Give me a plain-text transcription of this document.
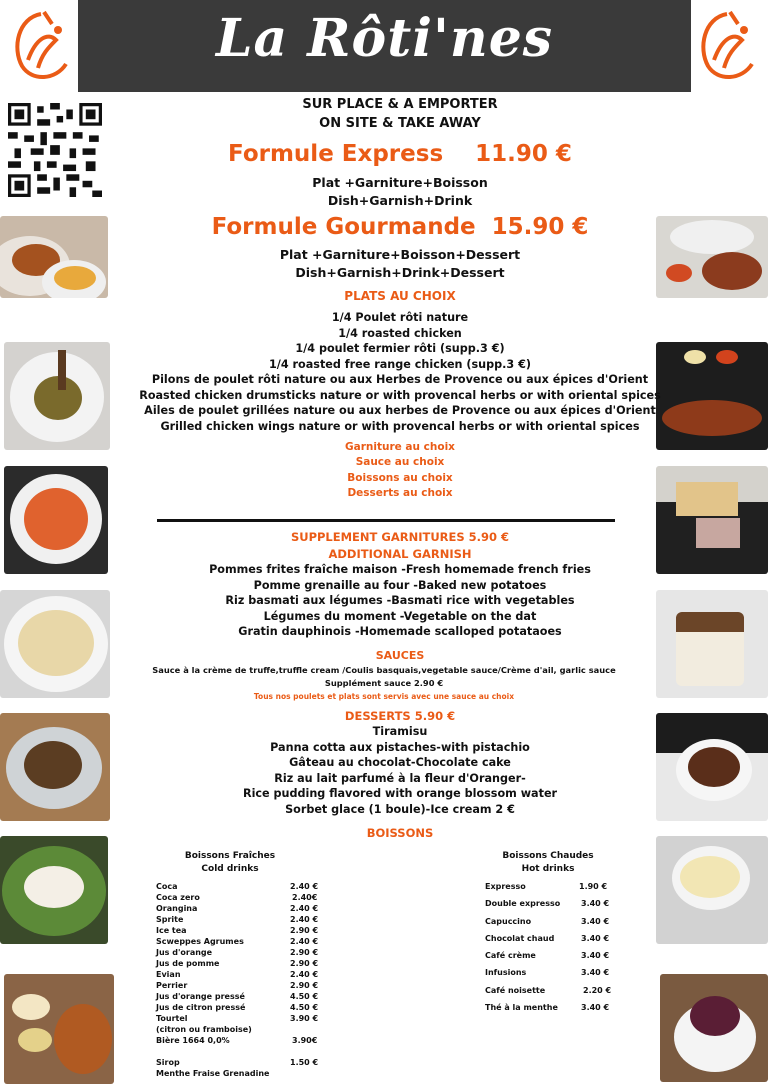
La Rôti'nes
SUR PLACE & A EMPORTER
ON SITE & TAKE AWAY
Formule Express    11.90 €
Plat +Garniture+Boisson
Dish+Garnish+Drink
Formule Gourmande  15.90 €
Plat +Garniture+Boisson+Dessert
Dish+Garnish+Drink+Dessert
PLATS AU CHOIX
1/4 Poulet rôti nature
1/4 roasted chicken
1/4 poulet fermier rôti (supp.3 €)
1/4 roasted free range chicken (supp.3 €)
Pilons de poulet rôti nature ou aux Herbes de Provence ou aux épices d'Orient
Roasted chicken drumsticks nature or with provencal herbs or with oriental spices
Ailes de poulet grillées nature ou aux herbes de Provence ou aux épices d'Orient
Grilled chicken wings nature or with provencal herbs or with oriental spices
Garniture au choix
Sauce au choix
Boissons au choix
Desserts au choix
SUPPLEMENT GARNITURES 5.90 €
ADDITIONAL GARNISH
Pommes frites fraîche maison -Fresh homemade french fries
Pomme grenaille au four -Baked new potatoes
Riz basmati aux légumes -Basmati rice with vegetables
Légumes du moment -Vegetable on the dat
Gratin dauphinois -Homemade scalloped potataoes
SAUCES
Sauce à la crème de truffe,truffle cream /Coulis basquais,vegetable sauce/Crème d'ail, garlic sauce
Supplément sauce 2.90 €
Tous nos poulets et plats sont servis avec une sauce au choix
DESSERTS 5.90 €
Tiramisu
Panna cotta aux pistaches-with pistachio
Gâteau au chocolat-Chocolate cake
Riz au lait parfumé à la fleur d'Oranger-
Rice pudding flavored with orange blossom water
Sorbet glace (1 boule)-Ice cream 2 €
BOISSONS
Boissons Fraîches
Cold drinks
Coca	2.40 €
Coca zero	2.40€
Orangina	2.40 €
Sprite	2.40 €
Ice tea	2.90 €
Scweppes Agrumes	2.40 €
Jus d'orange	2.90 €
Jus de pomme	2.90 €
Evian	2.40 €
Perrier	2.90 €
Jus d'orange pressé	4.50 €
Jus de citron pressé	4.50 €
Tourtel	3.90 €
(citron ou framboise)
Bière 1664 0,0%	3.90€
Sirop	1.50 €
Menthe Fraise Grenadine
Boissons Chaudes
Hot drinks
Expresso	1.90 €
Double expresso	3.40 €
Capuccino	3.40 €
Chocolat chaud	3.40 €
Café crème	3.40 €
Infusions	3.40 €
Café noisette	2.20 €
Thé à la menthe	3.40 €
